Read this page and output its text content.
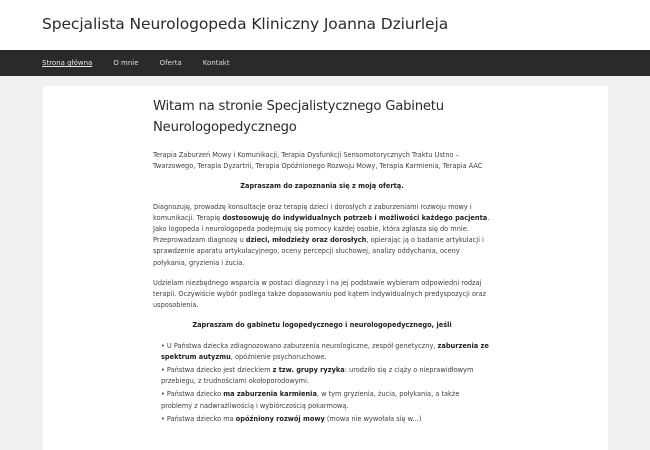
Specjalista Neurologopeda Kliniczny Joanna Dziurleja
Strona główna	O mnie	Oferta	Kontakt
Witam na stronie Specjalistycznego Gabinetu Neurologopedycznego

Terapia Zaburzeń Mowy i Komunikacji, Terapia Dysfunkcji Sensomotorycznych Traktu Ustno – Twarzowego, Terapia Dyzartrii, Terapia Opóźnionego Rozwoju Mowy, Terapia Karmienia, Terapia AAC

Zapraszam do zapoznania się z moją ofertą.

Diagnozuję, prowadzę konsultacje oraz terapię dzieci i dorosłych z zaburzeniami rozwoju mowy i komunikacji. Terapię dostosowuję do indywidualnych potrzeb i możliwości każdego pacjenta. Jako logopeda i neurologopeda podejmuję się pomocy każdej osobie, która zgłasza się do mnie. Przeprowadzam diagnozę u dzieci, młodzieży oraz dorosłych, opierając ją o badanie artykulacji i sprawdzenie aparatu artykulacyjnego, oceny percepcji słuchowej, analizy oddychania, oceny połykania, gryzienia i żucia.

Udzielam niezbędnego wsparcia w postaci diagnozy i na jej podstawie wybieram odpowiedni rodzaj terapii. Oczywiście wybór podlega także dopasowaniu pod kątem indywidualnych predyspozycji oraz usposobienia.

Zapraszam do gabinetu logopedycznego i neurologopedycznego, jeśli

• U Państwa dziecka zdiagnozowano zaburzenia neurologiczne, zespół genetyczny, zaburzenia ze spektrum autyzmu, opóźnienie psychoruchowe.
• Państwa dziecko jest dzieckiem z tzw. grupy ryzyka: urodziło się z ciąży o nieprawidłowym przebiegu, z trudnościami okołoporodowymi.
• Państwa dziecko ma zaburzenia karmienia, w tym gryzienia, żucia, połykania, a także problemy z nadwrażliwością i wybiórczością pokarmową.
• Państwa dziecko ma opóźniony rozwój mowy (mowa nie wywołała się w...)
